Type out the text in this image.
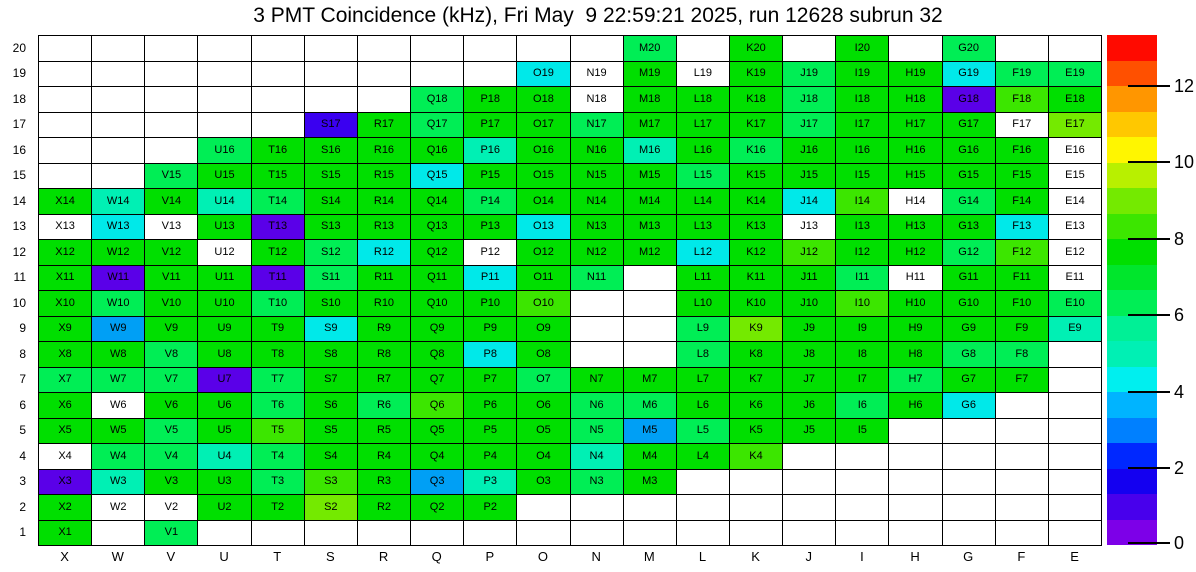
3 PMT Coincidence (kHz), Fri May  9 22:59:21 2025, run 12628 subrun 32
20
19
18
17
16
15
14
13
12
11
10
9
8
7
6
5
4
3
2
1
M20	K20	I20	G20
O19	N19	M19	L19	K19	J19	I19	H19	G19	F19	E19
Q18	P18	O18	N18	M18	L18	K18	J18	I18	H18	G18	F18	E18
S17	R17	Q17	P17	O17	N17	M17	L17	K17	J17	I17	H17	G17	F17	E17
U16	T16	S16	R16	Q16	P16	O16	N16	M16	L16	K16	J16	I16	H16	G16	F16	E16
V15	U15	T15	S15	R15	Q15	P15	O15	N15	M15	L15	K15	J15	I15	H15	G15	F15	E15
X14	W14	V14	U14	T14	S14	R14	Q14	P14	O14	N14	M14	L14	K14	J14	I14	H14	G14	F14	E14
X13	W13	V13	U13	T13	S13	R13	Q13	P13	O13	N13	M13	L13	K13	J13	I13	H13	G13	F13	E13
X12	W12	V12	U12	T12	S12	R12	Q12	P12	O12	N12	M12	L12	K12	J12	I12	H12	G12	F12	E12
X11	W11	V11	U11	T11	S11	R11	Q11	P11	O11	N11	L11	K11	J11	I11	H11	G11	F11	E11
X10	W10	V10	U10	T10	S10	R10	Q10	P10	O10	L10	K10	J10	I10	H10	G10	F10	E10
X9	W9	V9	U9	T9	S9	R9	Q9	P9	O9	L9	K9	J9	I9	H9	G9	F9	E9
X8	W8	V8	U8	T8	S8	R8	Q8	P8	O8	L8	K8	J8	I8	H8	G8	F8
X7	W7	V7	U7	T7	S7	R7	Q7	P7	O7	N7	M7	L7	K7	J7	I7	H7	G7	F7
X6	W6	V6	U6	T6	S6	R6	Q6	P6	O6	N6	M6	L6	K6	J6	I6	H6	G6
X5	W5	V5	U5	T5	S5	R5	Q5	P5	O5	N5	M5	L5	K5	J5	I5
X4	W4	V4	U4	T4	S4	R4	Q4	P4	O4	N4	M4	L4	K4
X3	W3	V3	U3	T3	S3	R3	Q3	P3	O3	N3	M3
X2	W2	V2	U2	T2	S2	R2	Q2	P2
X1	V1
X	W	V	U	T	S	R	Q	P	O	N	M	L	K	J	I	H	G	F	E
0
2
4
6
8
10
12
